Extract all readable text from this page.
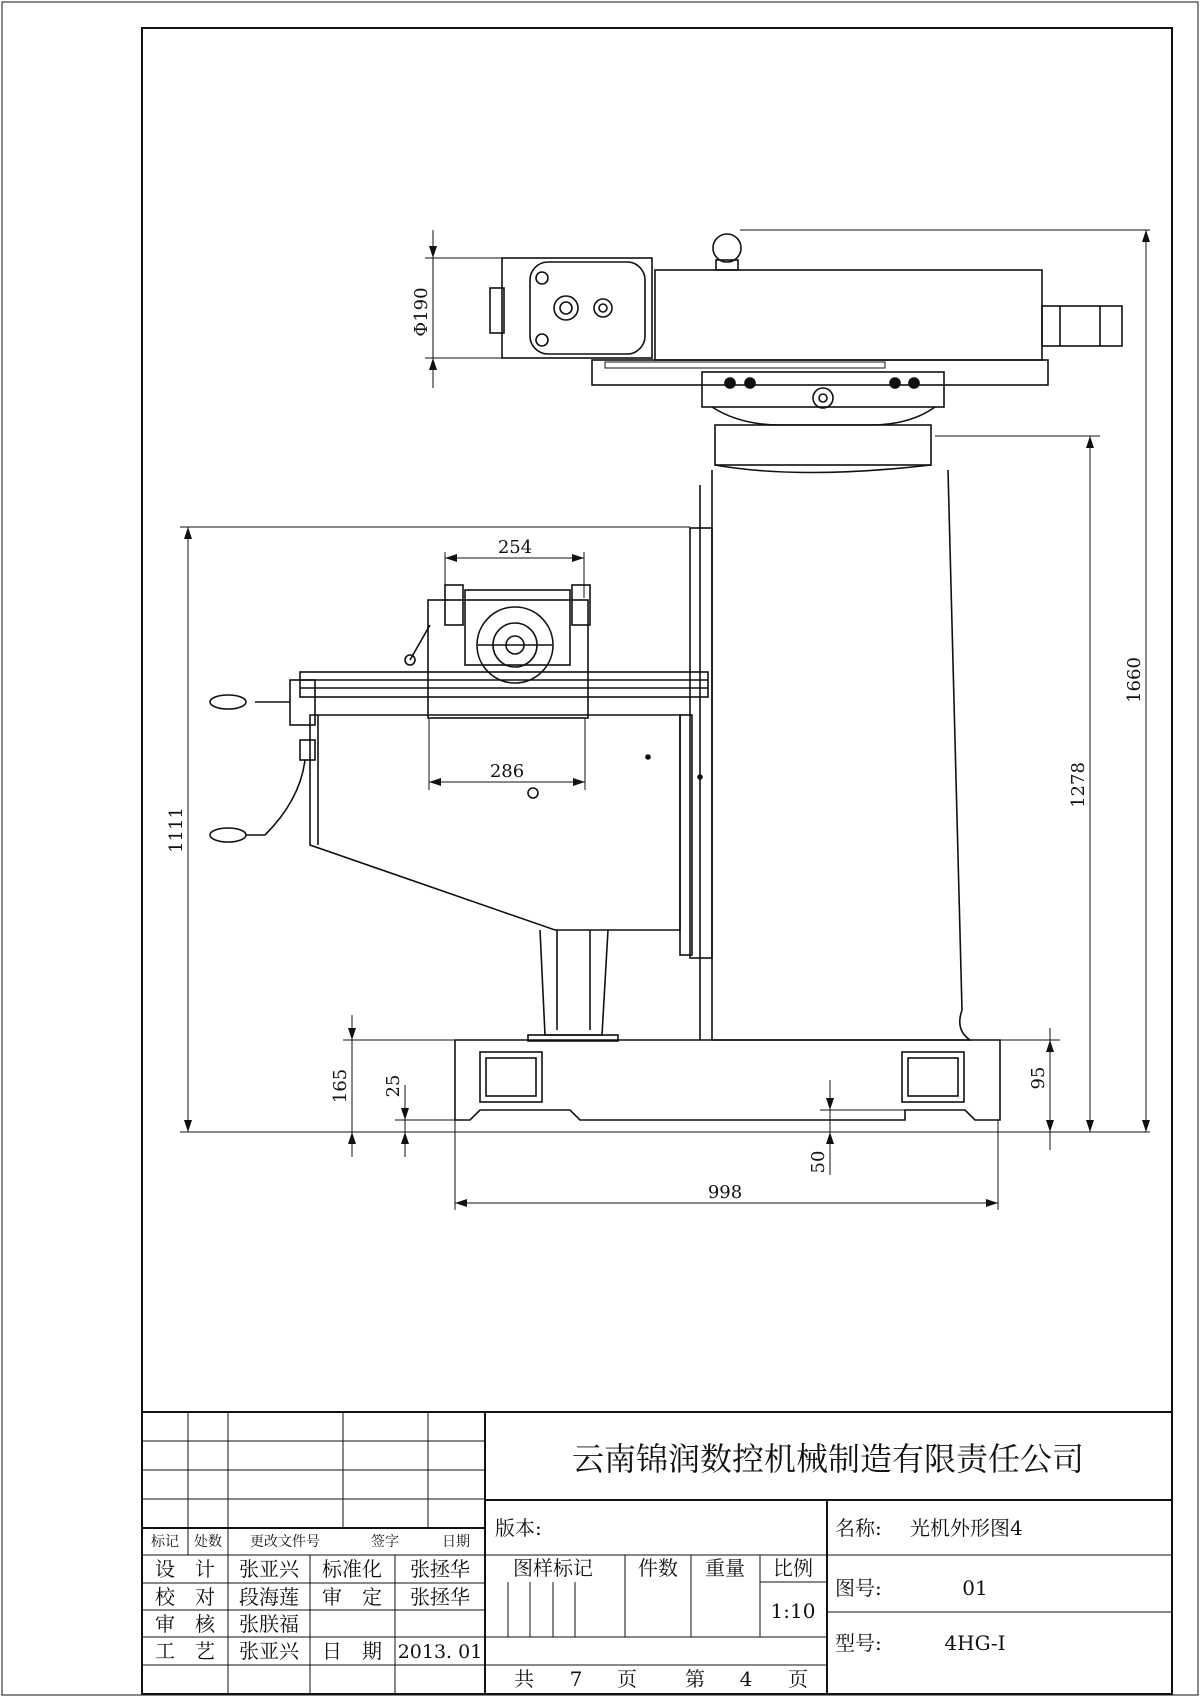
Φ190
254
286
1111
1660
1278
165 25	95
50
998
云南锦润数控机械制造有限责任公司
标记 处数 更改文件号	签字	日期
设　计 张亚兴 标准化 张拯华
校　对 段海莲 审　定 张拯华
审　核 张朕福
工　艺 张亚兴 日　期 2013. 01
版本:
图样标记 件数 重量 比例
1:10
共 7 页 第 4 页
名称: 光机外形图4
图号:	01
型号:	4HG-I
